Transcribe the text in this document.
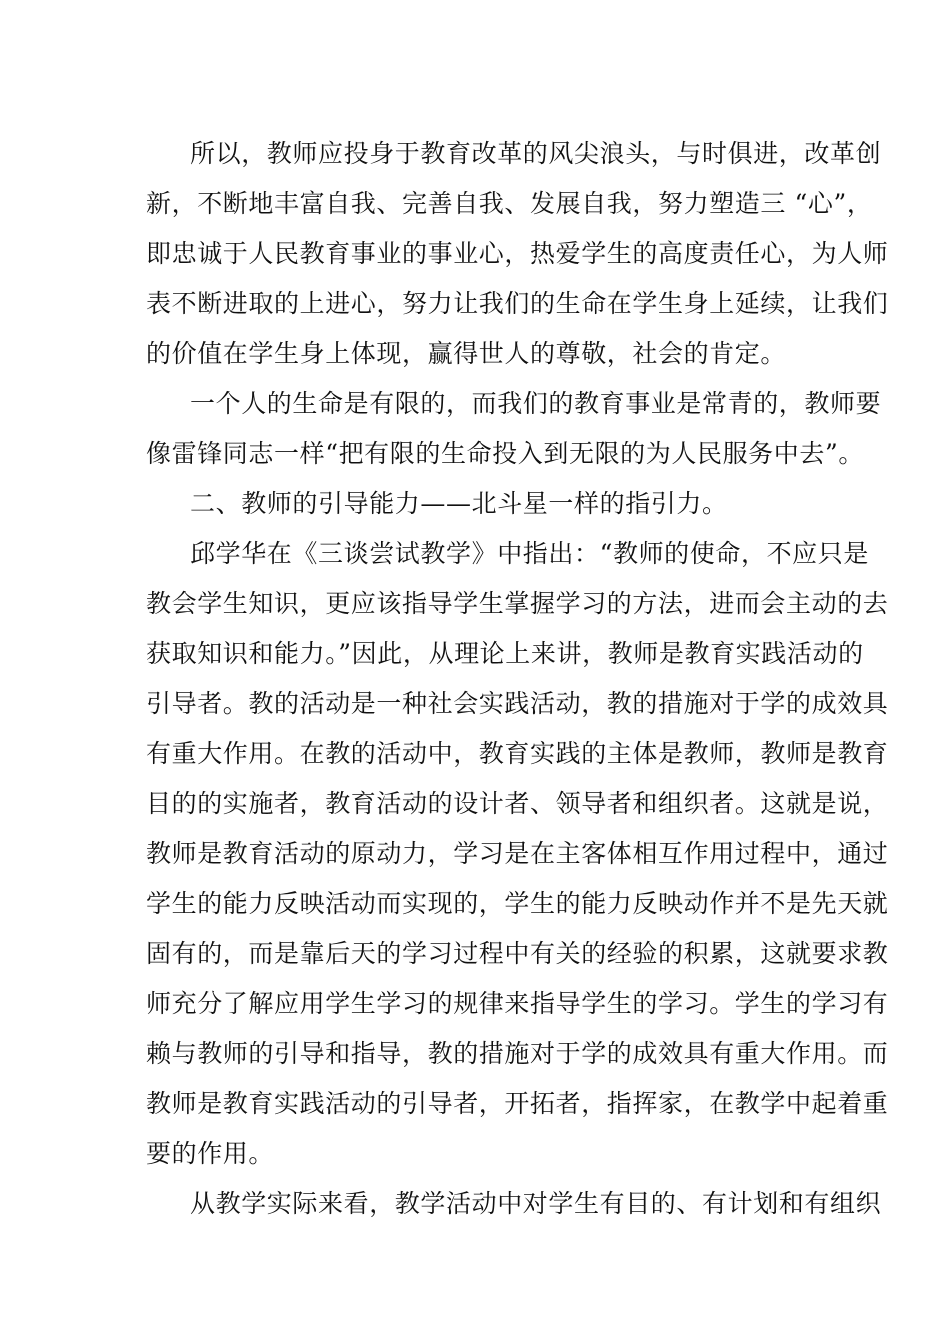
所以，教师应投身于教育改革的风尖浪头，与时俱进，改革创
新，不断地丰富自我、完善自我、发展自我，努力塑造三 “心”，
即忠诚于人民教育事业的事业心，热爱学生的高度责任心，为人师
表不断进取的上进心，努力让我们的生命在学生身上延续，让我们
的价值在学生身上体现，赢得世人的尊敬，社会的肯定。
一个人的生命是有限的，而我们的教育事业是常青的，教师要
像雷锋同志一样“把有限的生命投入到无限的为人民服务中去”。
二、教师的引导能力——北斗星一样的指引力。
邱学华在《三谈尝试教学》中指出：“教师的使命，不应只是
教会学生知识，更应该指导学生掌握学习的方法，进而会主动的去
获取知识和能力。”因此，从理论上来讲，教师是教育实践活动的
引导者。教的活动是一种社会实践活动，教的措施对于学的成效具
有重大作用。在教的活动中，教育实践的主体是教师，教师是教育
目的的实施者，教育活动的设计者、领导者和组织者。这就是说，
教师是教育活动的原动力，学习是在主客体相互作用过程中，通过
学生的能力反映活动而实现的，学生的能力反映动作并不是先天就
固有的，而是靠后天的学习过程中有关的经验的积累，这就要求教
师充分了解应用学生学习的规律来指导学生的学习。学生的学习有
赖与教师的引导和指导，教的措施对于学的成效具有重大作用。而
教师是教育实践活动的引导者，开拓者，指挥家，在教学中起着重
要的作用。
从教学实际来看，教学活动中对学生有目的、有计划和有组织
